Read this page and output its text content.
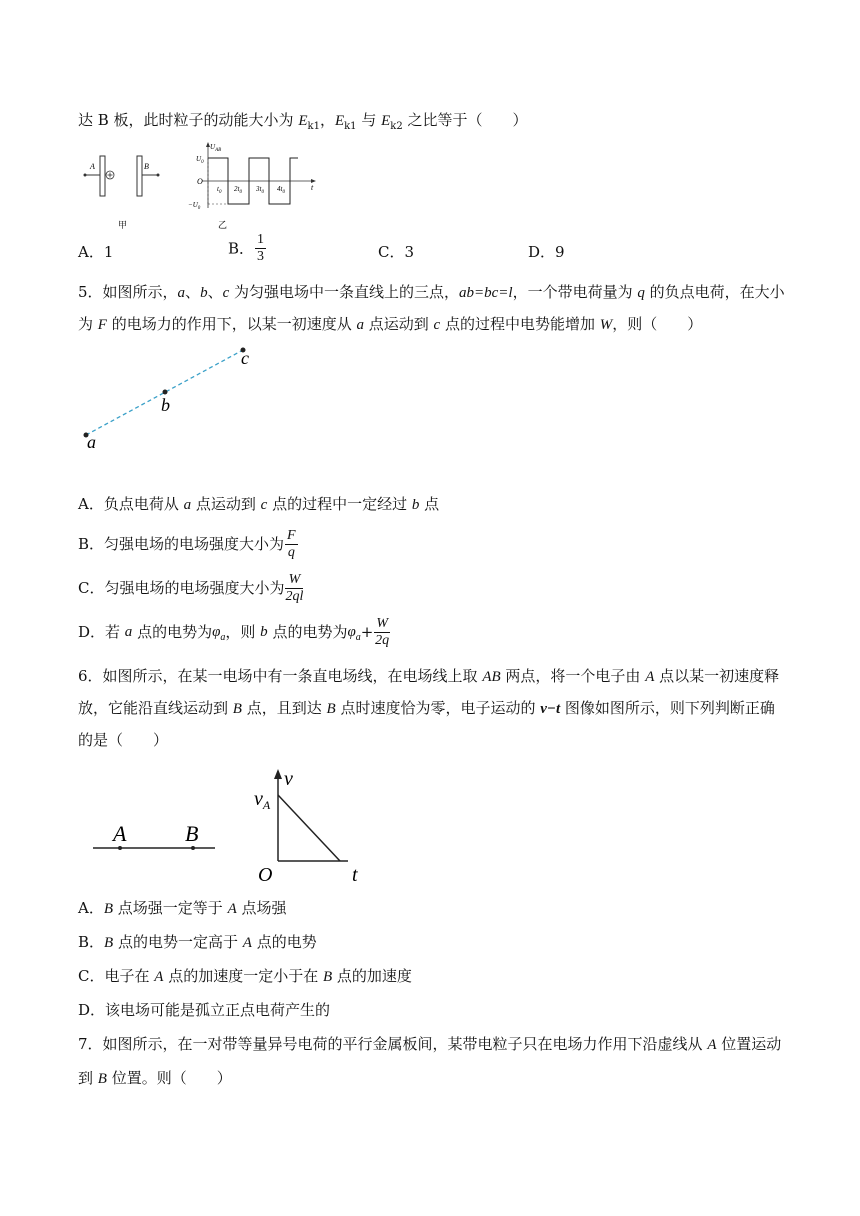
达 B 板，此时粒子的动能大小为 $E_{k1}$，$E_{k1}$ 与 $E_{k2}$ 之比等于（　　）
A	B
甲
$U_{AB}$
$U_0$
O
$-U_0$
$t_0$ $2t_0$ $3t_0$ $4t_0$
t
乙
A．1	B． $\frac{1}{3}$	C．3	D．9
5．如图所示，a、b、c 为匀强电场中一条直线上的三点，ab=bc=l，一个带电荷量为 q 的负点电荷，在大小
为 F 的电场力的作用下，以某一初速度从 a 点运动到 c 点的过程中电势能增加 W，则（　　）
a
b
c
A．负点电荷从 a 点运动到 c 点的过程中一定经过 b 点
B．匀强电场的电场强度大小为 $\frac{F}{q}$
C．匀强电场的电场强度大小为 $\frac{W}{2ql}$
D．若 a 点的电势为$\varphi_a$，则 b 点的电势为$\varphi_a+ \frac{W}{2q}$
6．如图所示，在某一电场中有一条直电场线，在电场线上取 AB 两点，将一个电子由 A 点以某一初速度释
放，它能沿直线运动到 B 点，且到达 B 点时速度恰为零，电子运动的 v−t 图像如图所示，则下列判断正确
的是（　　）
A	B
v
$v_A$
O	t
A．B 点场强一定等于 A 点场强
B．B 点的电势一定高于 A 点的电势
C．电子在 A 点的加速度一定小于在 B 点的加速度
D．该电场可能是孤立正点电荷产生的
7．如图所示，在一对带等量异号电荷的平行金属板间，某带电粒子只在电场力作用下沿虚线从 A 位置运动
到 B 位置。则（　　）
